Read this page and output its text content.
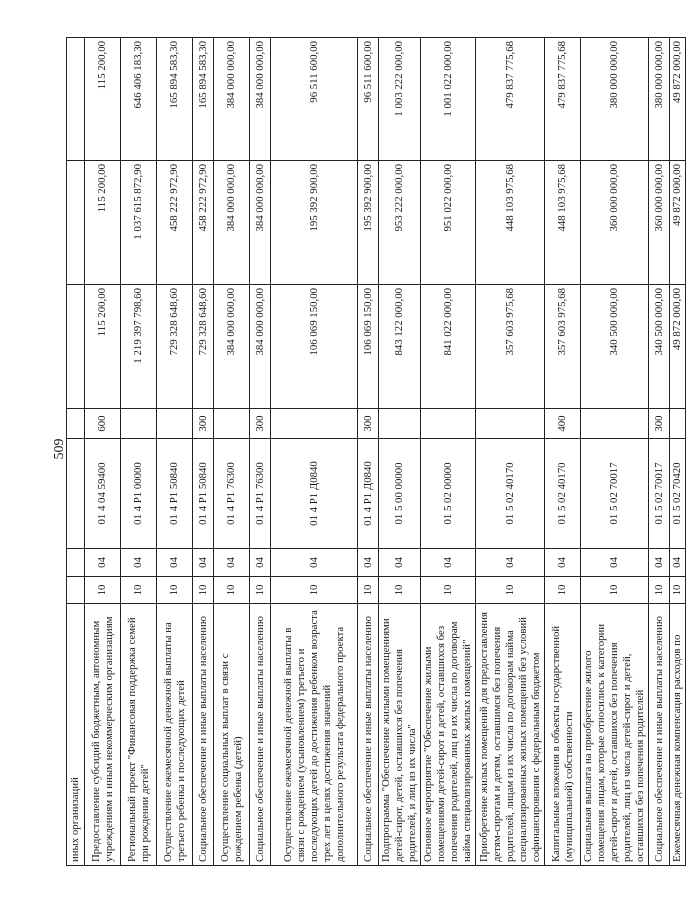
509
иных организаций							
Предоставление субсидий бюджетным, автономным учреждениям и иным некоммерческим организациям	10	04	01 4 04 59400	600	115 200,00	115 200,00	115 200,00
Региональный проект "Финансовая поддержка семей при рождении детей"	10	04	01 4 P1 00000		1 219 397 798,60	1 037 615 872,90	646 406 183,30
Осуществление ежемесячной денежной выплаты на третьего ребенка и последующих детей	10	04	01 4 P1 50840		729 328 648,60	458 222 972,90	165 894 583,30
Социальное обеспечение и иные выплаты населению	10	04	01 4 P1 50840	300	729 328 648,60	458 222 972,90	165 894 583,30
Осуществление социальных выплат в связи с рождением ребенка (детей)	10	04	01 4 P1 76300		384 000 000,00	384 000 000,00	384 000 000,00
Социальное обеспечение и иные выплаты населению	10	04	01 4 P1 76300	300	384 000 000,00	384 000 000,00	384 000 000,00
Осуществление ежемесячной денежной выплаты в связи с рождением (усыновлением) третьего и последующих детей до достижения ребенком возраста трех лет в целях достижения значений дополнительного результата федерального проекта	10	04	01 4 P1 Д0840		106 069 150,00	195 392 900,00	96 511 600,00
Социальное обеспечение и иные выплаты населению	10	04	01 4 P1 Д0840	300	106 069 150,00	195 392 900,00	96 511 600,00
Подпрограмма "Обеспечение жилыми помещениями детей-сирот, детей, оставшихся без попечения родителей, и лиц из их числа"	10	04	01 5 00 00000		843 122 000,00	953 222 000,00	1 003 222 000,00
Основное мероприятие "Обеспечение жилыми помещениями детей-сирот и детей, оставшихся без попечения родителей, лиц из их числа по договорам найма специализированных жилых помещений"	10	04	01 5 02 00000		841 022 000,00	951 022 000,00	1 001 022 000,00
Приобретение жилых помещений для предоставления детям-сиротам и детям, оставшимся без попечения родителей, лицам из их числа по договорам найма специализированных жилых помещений без условий софинансирования с федеральным бюджетом	10	04	01 5 02 40170		357 603 975,68	448 103 975,68	479 837 775,68
Капитальные вложения в объекты государственной (муниципальной) собственности	10	04	01 5 02 40170	400	357 603 975,68	448 103 975,68	479 837 775,68
Социальная выплата на приобретение жилого помещения лицам, которые относились к категории детей-сирот и детей, оставшихся без попечения родителей, лиц из числа детей-сирот и детей, оставшихся без попечения родителей	10	04	01 5 02 70017		340 500 000,00	360 000 000,00	380 000 000,00
Социальное обеспечение и иные выплаты населению	10	04	01 5 02 70017	300	340 500 000,00	360 000 000,00	380 000 000,00
Ежемесячная денежная компенсация расходов по	10	04	01 5 02 70420		49 872 000,00	49 872 000,00	49 872 000,00
